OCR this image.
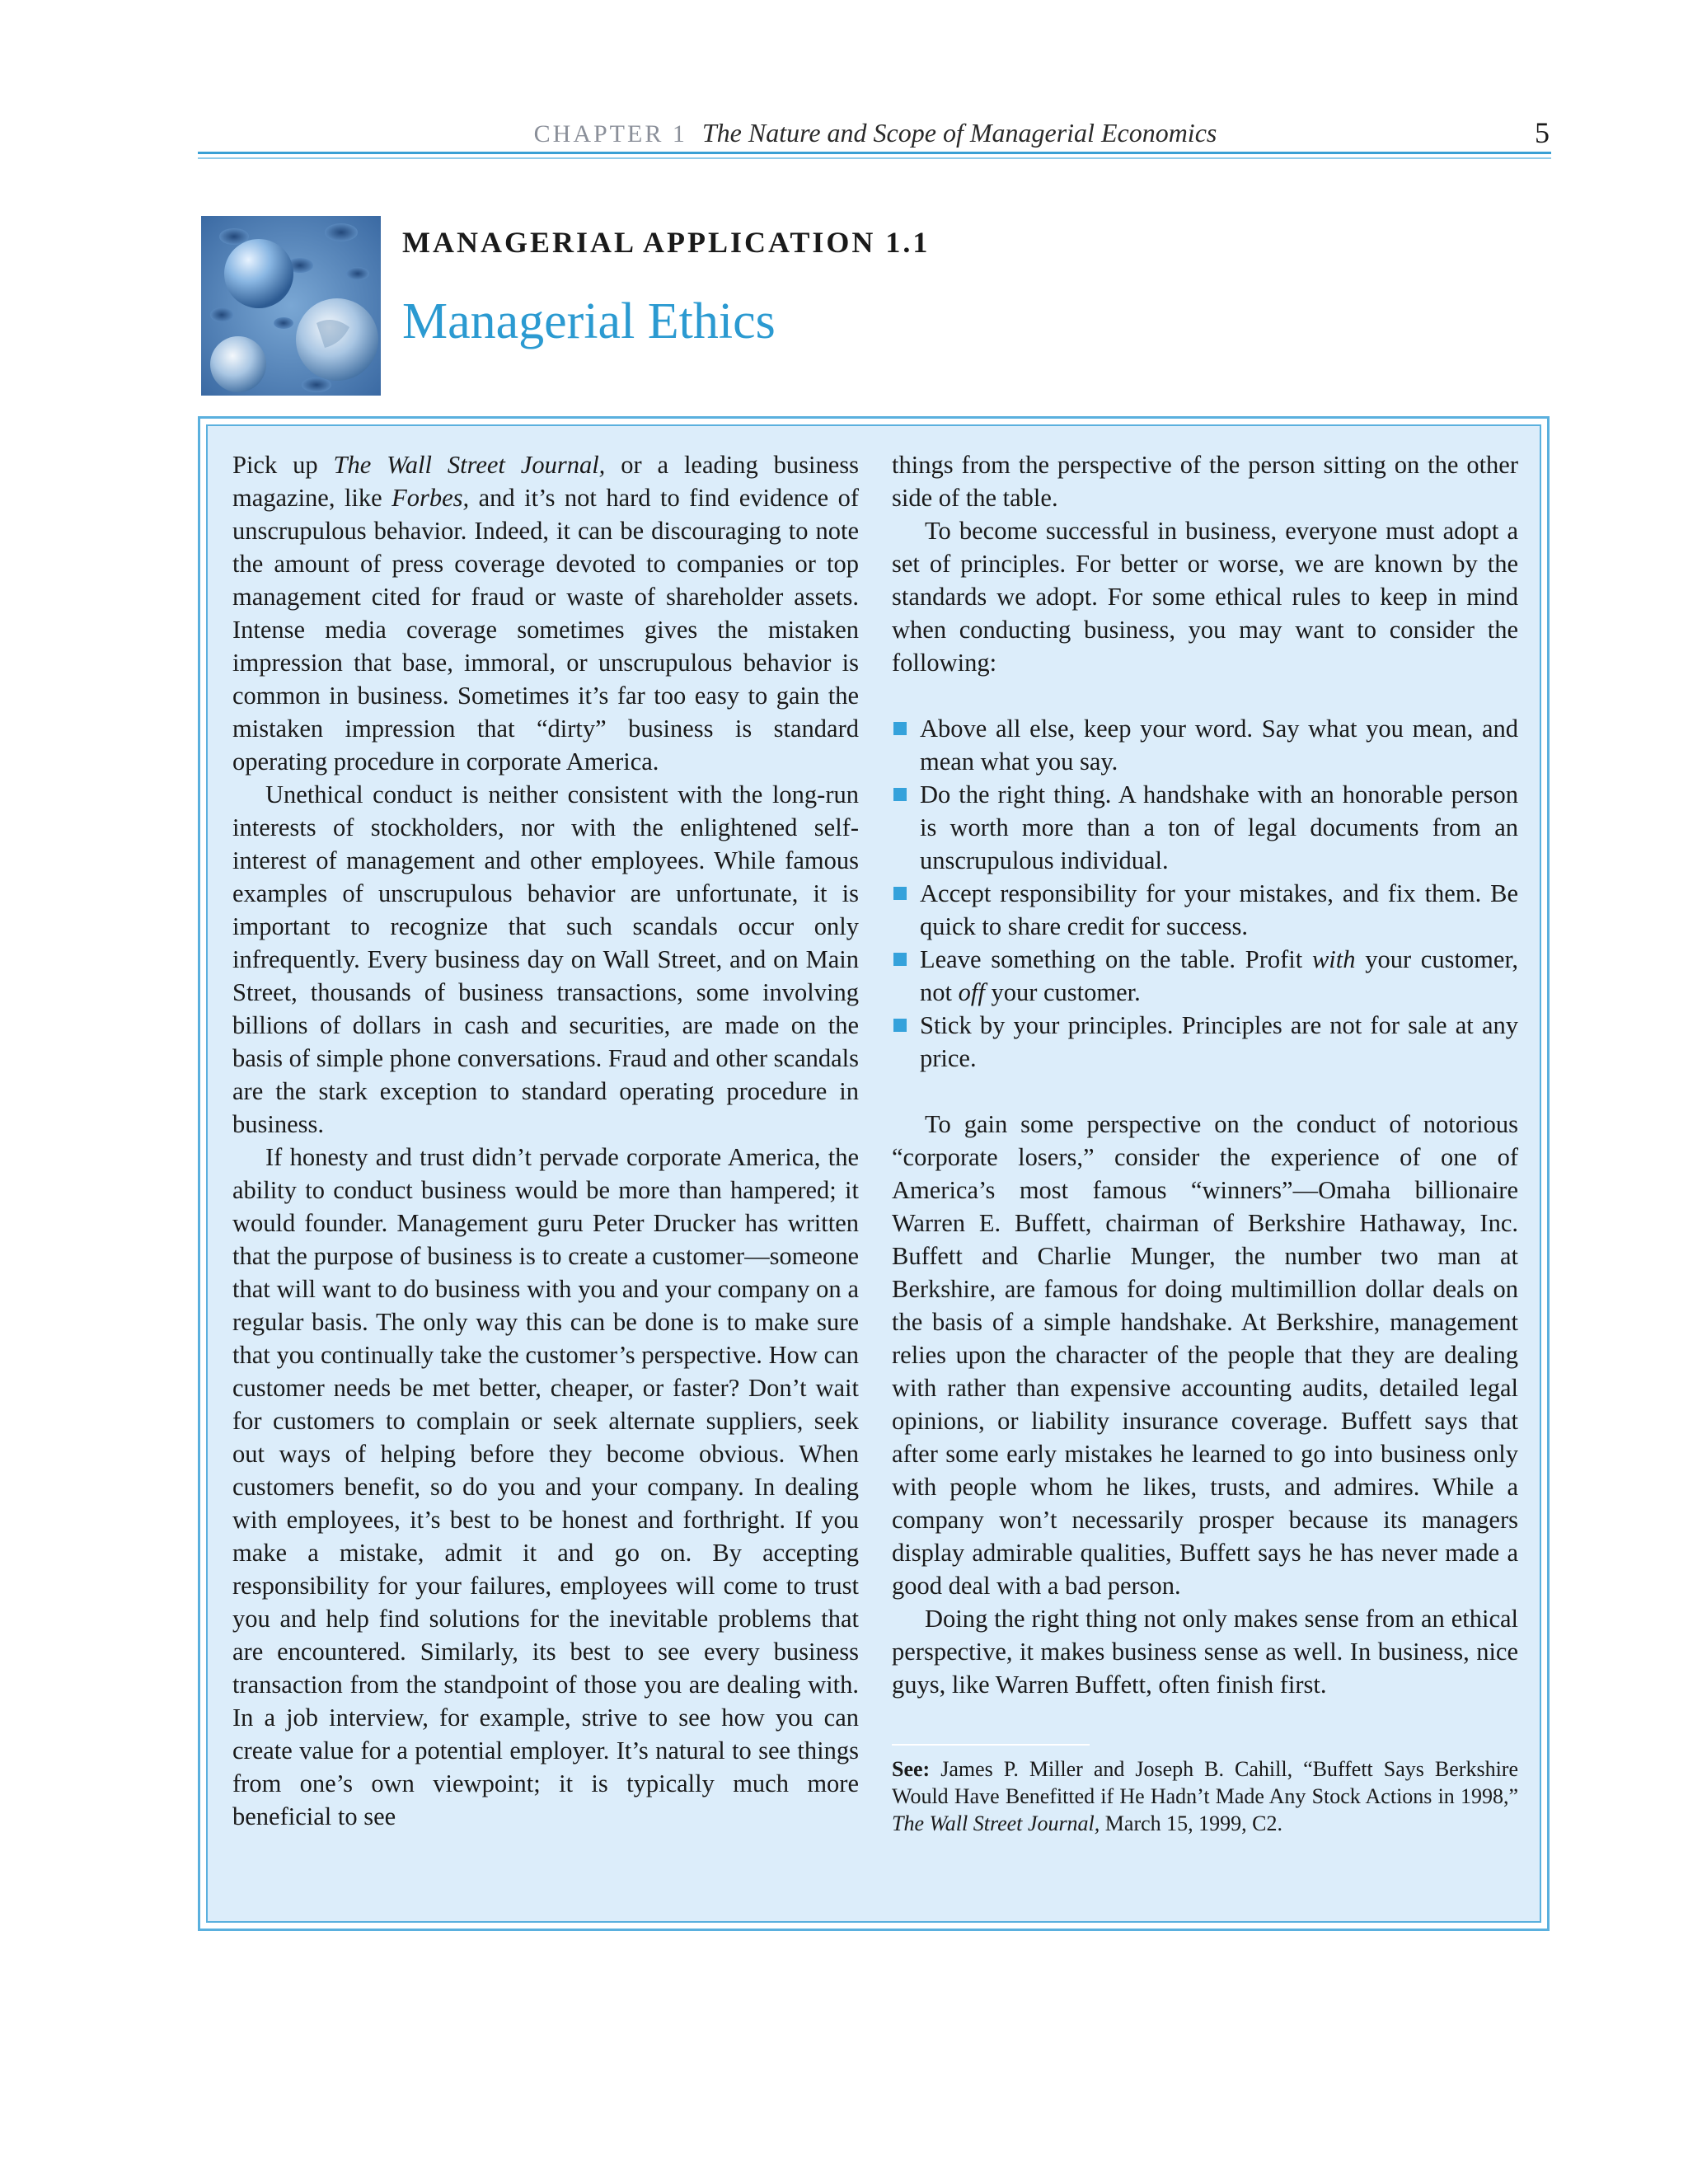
CHAPTER 1 The Nature and Scope of Managerial Economics	5
MANAGERIAL APPLICATION 1.1
Managerial Ethics

Pick up The Wall Street Journal, or a leading business magazine, like Forbes, and it’s not hard to find evidence of unscrupulous behavior. Indeed, it can be discouraging to note the amount of press coverage devoted to companies or top management cited for fraud or waste of shareholder assets. Intense media coverage sometimes gives the mistaken impression that base, immoral, or unscrupulous behavior is common in business. Sometimes it’s far too easy to gain the mistaken impression that “dirty” business is standard operating procedure in corporate America.

Unethical conduct is neither consistent with the long-run interests of stockholders, nor with the enlightened self-interest of management and other employees. While famous examples of unscrupulous behavior are unfortunate, it is important to recognize that such scandals occur only infrequently. Every business day on Wall Street, and on Main Street, thousands of business transactions, some involving billions of dollars in cash and securities, are made on the basis of simple phone conversations. Fraud and other scandals are the stark exception to standard operating procedure in business.

If honesty and trust didn’t pervade corporate America, the ability to conduct business would be more than hampered; it would founder. Management guru Peter Drucker has written that the purpose of business is to create a customer—someone that will want to do business with you and your company on a regular basis. The only way this can be done is to make sure that you continually take the customer’s perspective. How can customer needs be met better, cheaper, or faster? Don’t wait for customers to complain or seek alternate suppliers, seek out ways of helping before they become obvious. When customers benefit, so do you and your company. In dealing with employees, it’s best to be honest and forthright. If you make a mistake, admit it and go on. By accepting responsibility for your failures, employees will come to trust you and help find solutions for the inevitable problems that are encountered. Similarly, its best to see every business transaction from the standpoint of those you are dealing with. In a job interview, for example, strive to see how you can create value for a potential employer. It’s natural to see things from one’s own viewpoint; it is typically much more beneficial to see

things from the perspective of the person sitting on the other side of the table.

To become successful in business, everyone must adopt a set of principles. For better or worse, we are known by the standards we adopt. For some ethical rules to keep in mind when conducting business, you may want to consider the following:

Above all else, keep your word. Say what you mean, and mean what you say.
Do the right thing. A handshake with an honorable person is worth more than a ton of legal documents from an unscrupulous individual.
Accept responsibility for your mistakes, and fix them. Be quick to share credit for success.
Leave something on the table. Profit with your customer, not off your customer.
Stick by your principles. Principles are not for sale at any price.

To gain some perspective on the conduct of notorious “corporate losers,” consider the experience of one of America’s most famous “winners”—Omaha billionaire Warren E. Buffett, chairman of Berkshire Hathaway, Inc. Buffett and Charlie Munger, the number two man at Berkshire, are famous for doing multimillion dollar deals on the basis of a simple handshake. At Berkshire, management relies upon the character of the people that they are dealing with rather than expensive accounting audits, detailed legal opinions, or liability insurance coverage. Buffett says that after some early mistakes he learned to go into business only with people whom he likes, trusts, and admires. While a company won’t necessarily prosper because its managers display admirable qualities, Buffett says he has never made a good deal with a bad person.

Doing the right thing not only makes sense from an ethical perspective, it makes business sense as well. In business, nice guys, like Warren Buffett, often finish first.

See: James P. Miller and Joseph B. Cahill, “Buffett Says Berkshire Would Have Benefitted if He Hadn’t Made Any Stock Actions in 1998,” The Wall Street Journal, March 15, 1999, C2.
